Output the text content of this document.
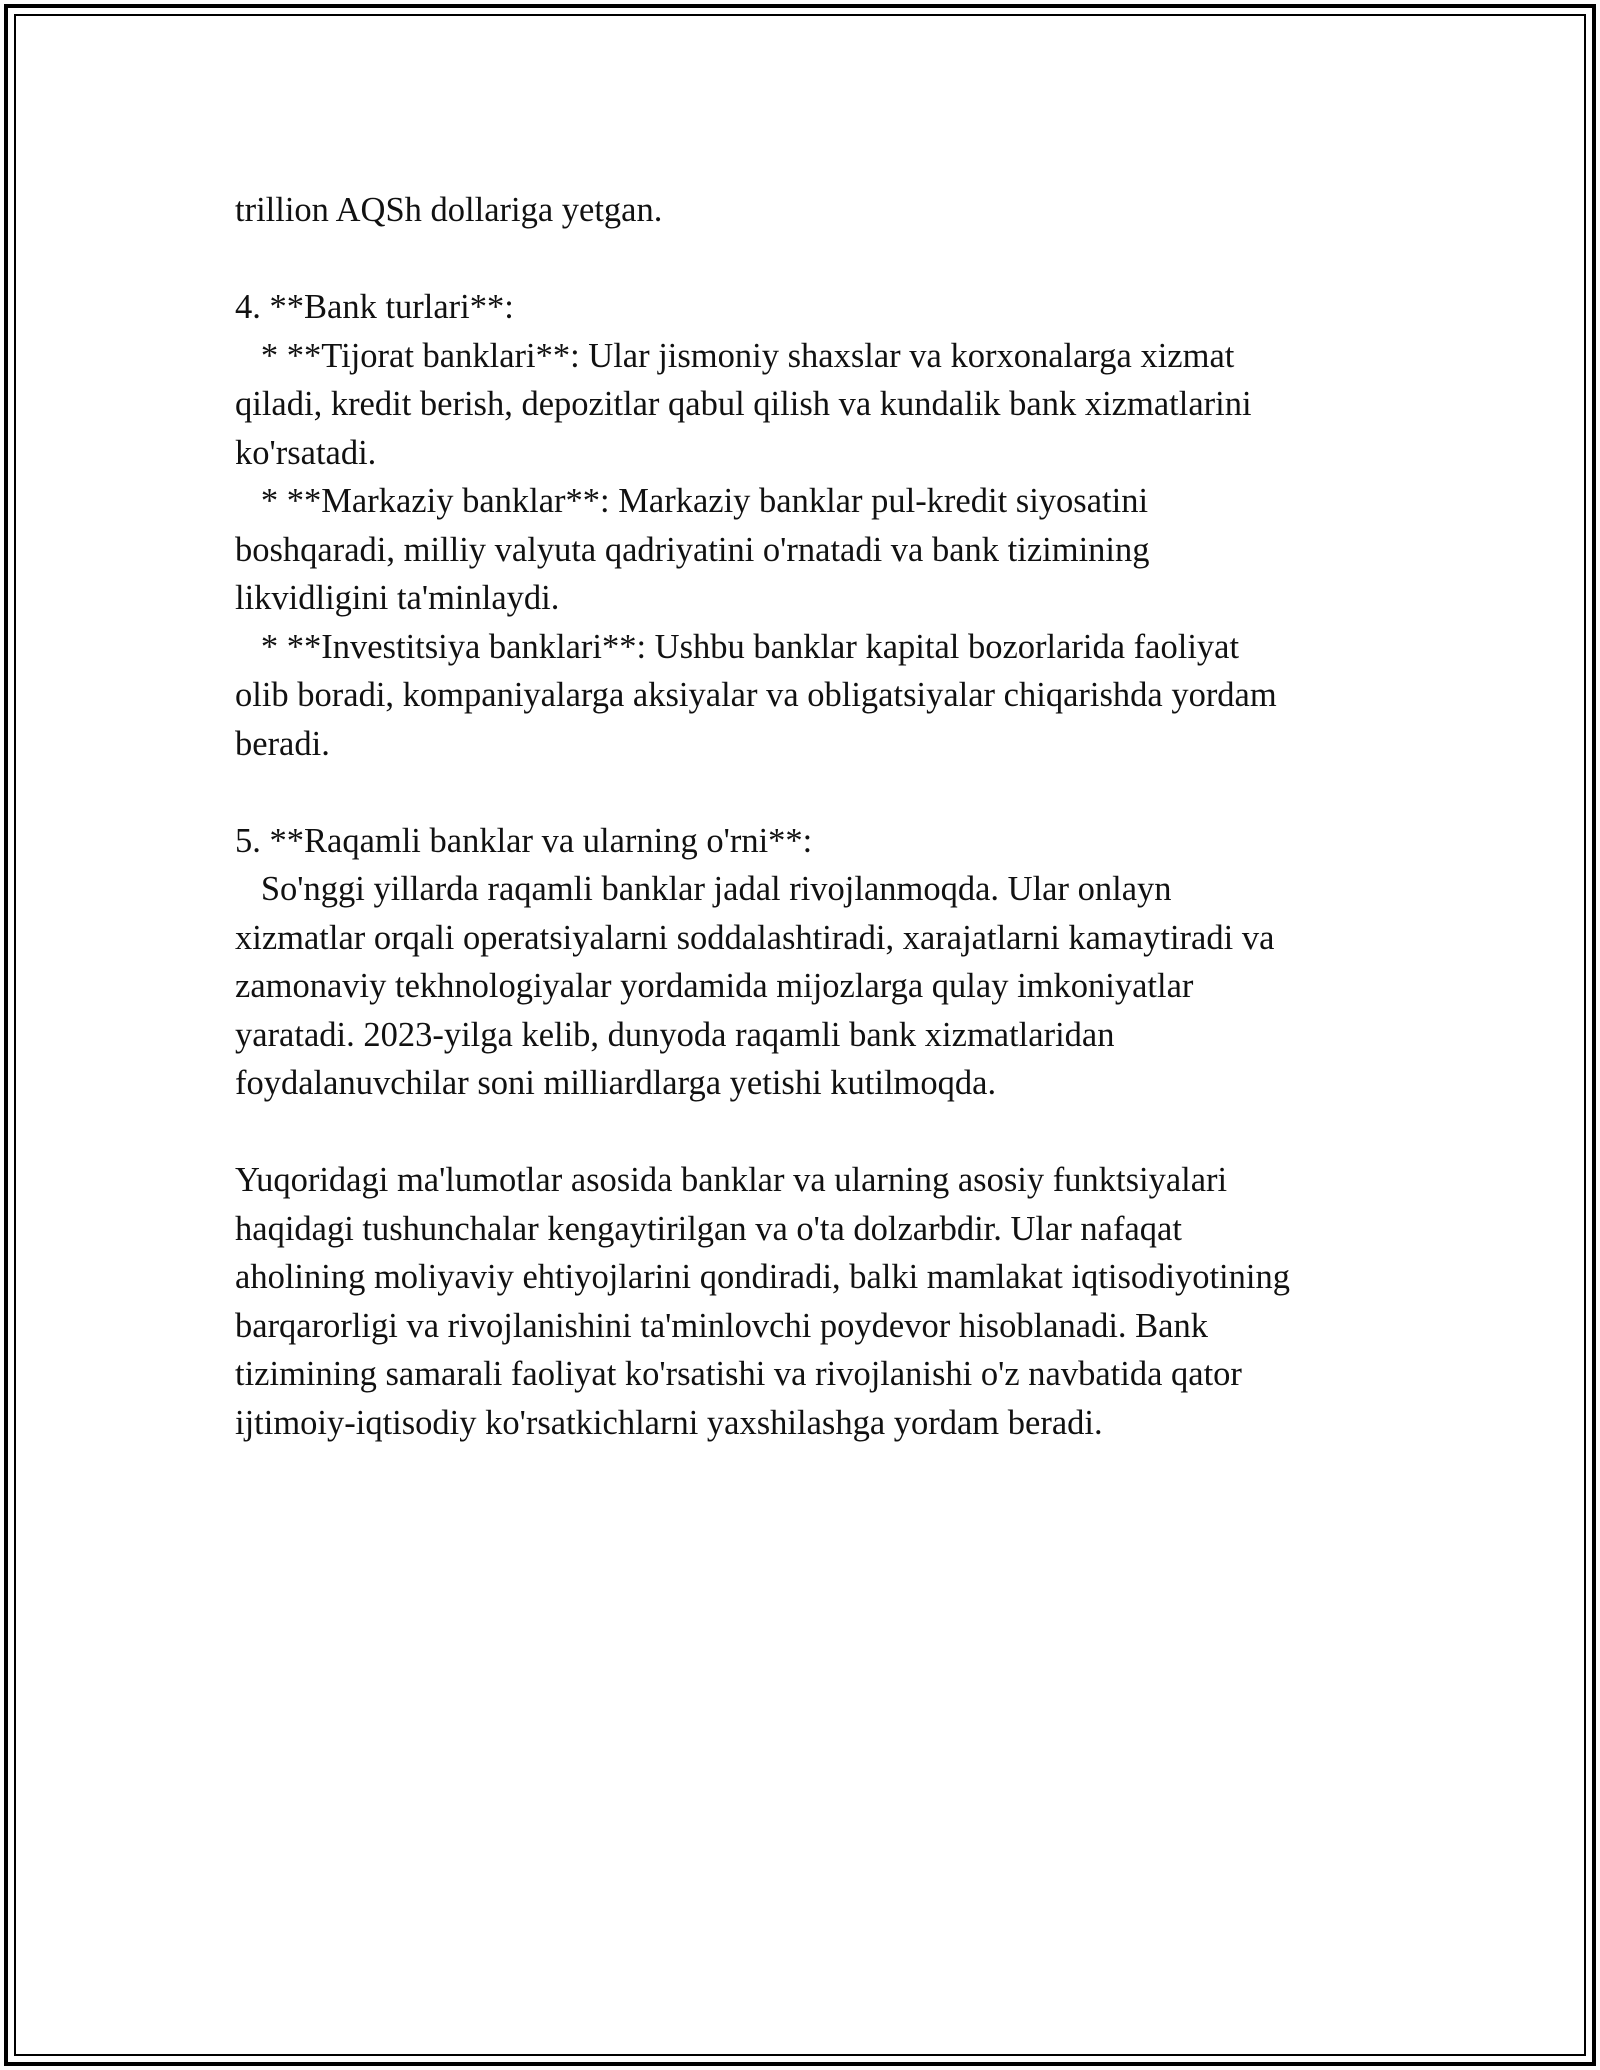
trillion AQSh dollariga yetgan.
4. **Bank turlari**:
* **Tijorat banklari**: Ular jismoniy shaxslar va korxonalarga xizmat
qiladi, kredit berish, depozitlar qabul qilish va kundalik bank xizmatlarini
ko'rsatadi.
* **Markaziy banklar**: Markaziy banklar pul-kredit siyosatini
boshqaradi, milliy valyuta qadriyatini o'rnatadi va bank tizimining
likvidligini ta'minlaydi.
* **Investitsiya banklari**: Ushbu banklar kapital bozorlarida faoliyat
olib boradi, kompaniyalarga aksiyalar va obligatsiyalar chiqarishda yordam
beradi.
5. **Raqamli banklar va ularning o'rni**:
So'nggi yillarda raqamli banklar jadal rivojlanmoqda. Ular onlayn
xizmatlar orqali operatsiyalarni soddalashtiradi, xarajatlarni kamaytiradi va
zamonaviy tekhnologiyalar yordamida mijozlarga qulay imkoniyatlar
yaratadi. 2023-yilga kelib, dunyoda raqamli bank xizmatlaridan
foydalanuvchilar soni milliardlarga yetishi kutilmoqda.
Yuqoridagi ma'lumotlar asosida banklar va ularning asosiy funktsiyalari
haqidagi tushunchalar kengaytirilgan va o'ta dolzarbdir. Ular nafaqat
aholining moliyaviy ehtiyojlarini qondiradi, balki mamlakat iqtisodiyotining
barqarorligi va rivojlanishini ta'minlovchi poydevor hisoblanadi. Bank
tizimining samarali faoliyat ko'rsatishi va rivojlanishi o'z navbatida qator
ijtimoiy-iqtisodiy ko'rsatkichlarni yaxshilashga yordam beradi.
